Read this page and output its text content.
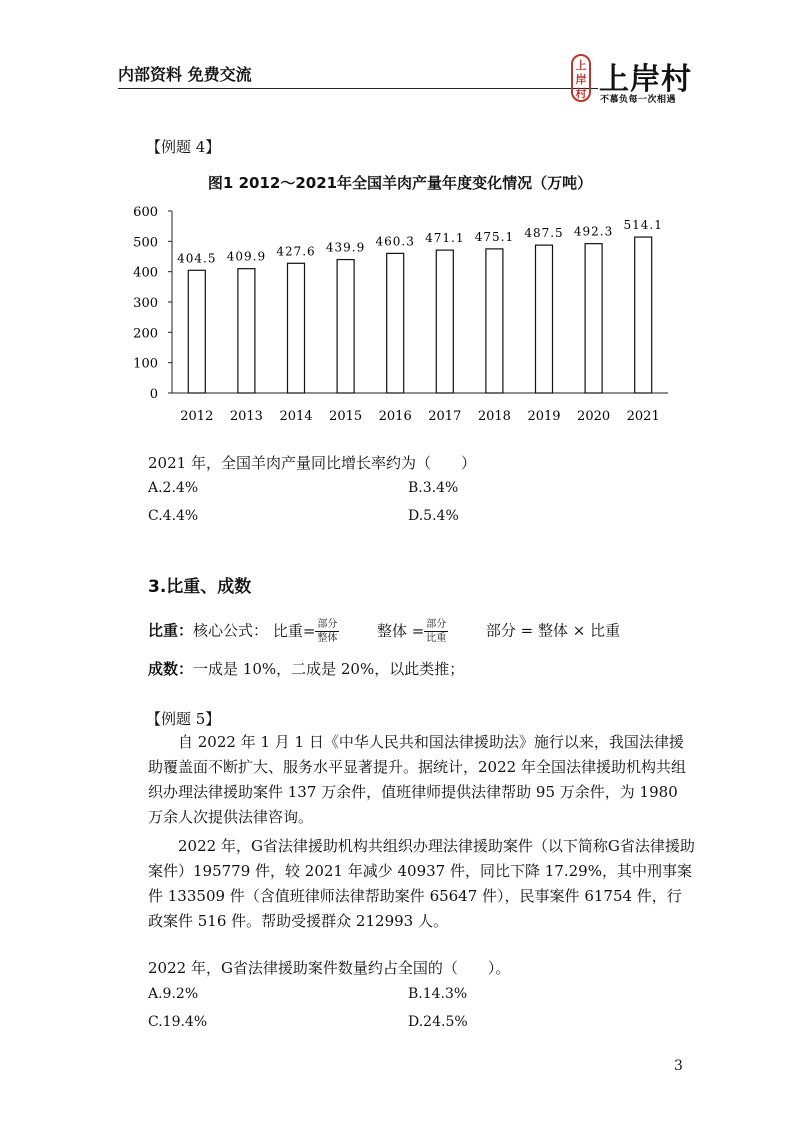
内部资料 免费交流	上
岸
村 上岸村
不慕负每一次相遇
【例题 4】
图1 2012～2021年全国羊肉产量年度变化情况（万吨）
0
100
200
300
400
500
600
404.5
2012
409.9
2013
427.6
2014
439.9
2015
460.3
2016
471.1
2017
475.1
2018
487.5
2019
492.3
2020
514.1
2021
2021 年，全国羊肉产量同比增长率约为（　　）
A.2.4%	B.3.4%
C.4.4%	D.5.4%
3.比重、成数
比重：核心公式： 比重= $\frac{\text{部分}}{\text{整体}}$	整体 = $\frac{\text{部分}}{\text{比重}}$	部分 = 整体 × 比重
成数：一成是 10%，二成是 20%，以此类推；
【例题 5】
自 2022 年 1 月 1 日《中华人民共和国法律援助法》施行以来，我国法律援助覆盖面不断扩大、服务水平显著提升。据统计，2022 年全国法律援助机构共组织办理法律援助案件 137 万余件，值班律师提供法律帮助 95 万余件，为 1980 万余人次提供法律咨询。
2022 年，G省法律援助机构共组织办理法律援助案件（以下简称G省法律援助案件）195779 件，较 2021 年减少 40937 件，同比下降 17.29%，其中刑事案件 133509 件（含值班律师法律帮助案件 65647 件），民事案件 61754 件，行政案件 516 件。帮助受援群众 212993 人。
2022 年，G省法律援助案件数量约占全国的（　　）。
A.9.2%	B.14.3%
C.19.4%	D.24.5%
3
